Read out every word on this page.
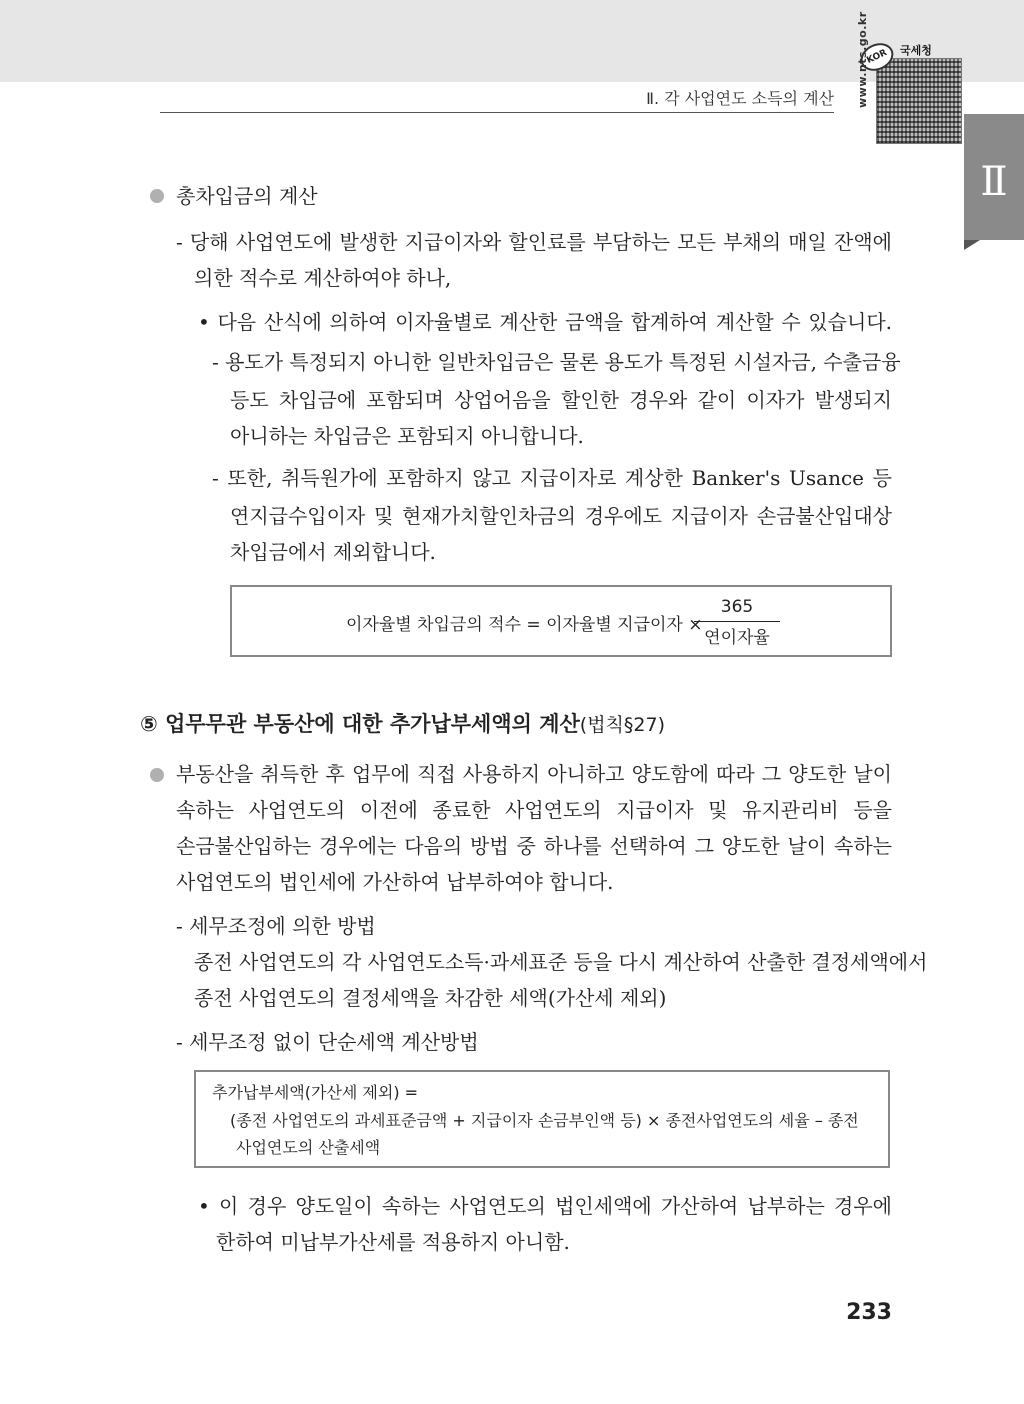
Ⅱ. 각 사업연도 소득의 계산
KOR	국세청
www.nts.go.kr
Ⅱ
총차입금의 계산
- 당해 사업연도에 발생한 지급이자와 할인료를 부담하는 모든 부채의 매일 잔액에
의한 적수로 계산하여야 하나,
• 다음 산식에 의하여 이자율별로 계산한 금액을 합계하여 계산할 수 있습니다.
- 용도가 특정되지 아니한 일반차입금은 물론 용도가 특정된 시설자금, 수출금융
등도 차입금에 포함되며 상업어음을 할인한 경우와 같이 이자가 발생되지
아니하는 차입금은 포함되지 아니합니다.
- 또한, 취득원가에 포함하지 않고 지급이자로 계상한 Banker's Usance 등
연지급수입이자 및 현재가치할인차금의 경우에도 지급이자 손금불산입대상
차입금에서 제외합니다.
이자율별 차입금의 적수 = 이자율별 지급이자 ×
365
연이자율
⑤ 업무무관 부동산에 대한 추가납부세액의 계산(법칙§27)
부동산을 취득한 후 업무에 직접 사용하지 아니하고 양도함에 따라 그 양도한 날이
속하는 사업연도의 이전에 종료한 사업연도의 지급이자 및 유지관리비 등을
손금불산입하는 경우에는 다음의 방법 중 하나를 선택하여 그 양도한 날이 속하는
사업연도의 법인세에 가산하여 납부하여야 합니다.
- 세무조정에 의한 방법
종전 사업연도의 각 사업연도소득·과세표준 등을 다시 계산하여 산출한 결정세액에서
종전 사업연도의 결정세액을 차감한 세액(가산세 제외)
- 세무조정 없이 단순세액 계산방법
추가납부세액(가산세 제외) =
(종전 사업연도의 과세표준금액 + 지급이자 손금부인액 등) × 종전사업연도의 세율 – 종전
사업연도의 산출세액
• 이 경우 양도일이 속하는 사업연도의 법인세액에 가산하여 납부하는 경우에
한하여 미납부가산세를 적용하지 아니함.
233
